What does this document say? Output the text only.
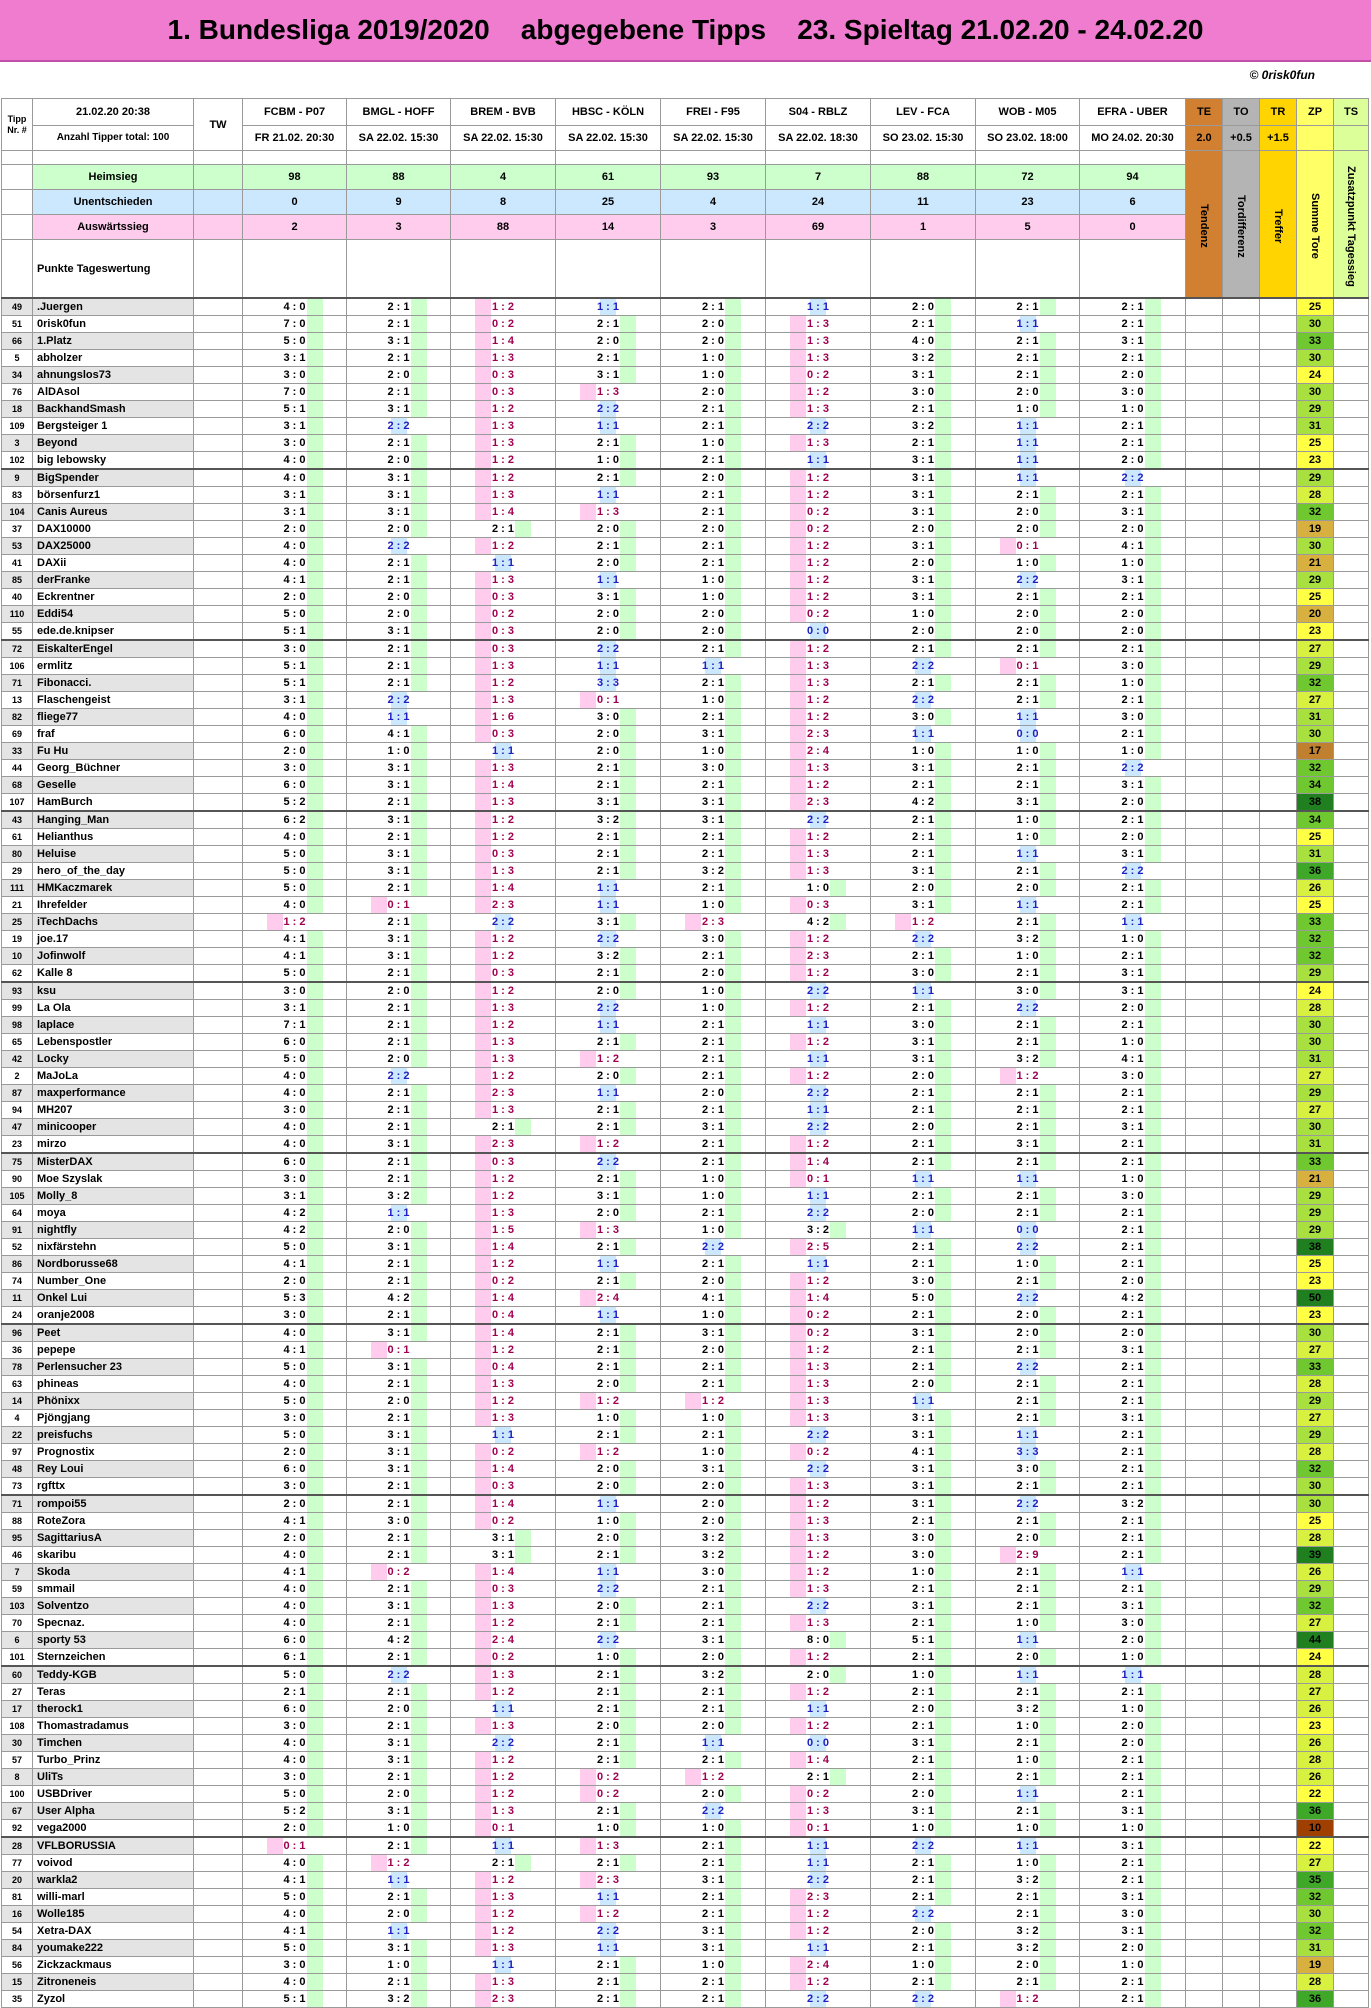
1. Bundesliga 2019/2020    abgegebene Tipps    23. Spieltag 21.02.20 - 24.02.20
© 0risk0fun
Tipp Nr. #	21.02.20 20:38	TW	FCBM - P07	BMGL - HOFF	BREM - BVB	HBSC - KÖLN	FREI - F95	S04 - RBLZ	LEV - FCA	WOB - M05	EFRA - UBER	TE	TO	TR	ZP	TS
	Anzahl Tipper total: 100		FR 21.02. 20:30	SA 22.02. 15:30	SA 22.02. 15:30	SA 22.02. 15:30	SA 22.02. 15:30	SA 22.02. 18:30	SO 23.02. 15:30	SO 23.02. 18:00	MO 24.02. 20:30	2.0	+0.5	+1.5		
												Tendenz	Tordifferenz	Treffer	Summe Tore	Zusatzpunkt Tagessieg
	Heimsieg		98	88	4	61	93	7	88	72	94					
	Unentschieden		0	9	8	25	4	24	11	23	6					
	Auswärtssieg		2	3	88	14	3	69	1	5	0					
	Punkte Tageswertung															
49	.Juergen		4 : 0	2 : 1	1 : 2	1 : 1	2 : 1	1 : 1	2 : 0	2 : 1	2 : 1				25	
51	0risk0fun		7 : 0	2 : 1	0 : 2	2 : 1	2 : 0	1 : 3	2 : 1	1 : 1	2 : 1				30	
66	1.Platz		5 : 0	3 : 1	1 : 4	2 : 0	2 : 0	1 : 3	4 : 0	2 : 1	3 : 1				33	
5	abholzer		3 : 1	2 : 1	1 : 3	2 : 1	1 : 0	1 : 3	3 : 2	2 : 1	2 : 1				30	
34	ahnungslos73		3 : 0	2 : 0	0 : 3	3 : 1	1 : 0	0 : 2	3 : 1	2 : 1	2 : 0				24	
76	AlDAsol		7 : 0	2 : 1	0 : 3	1 : 3	2 : 0	1 : 2	3 : 0	2 : 0	3 : 0				30	
18	BackhandSmash		5 : 1	3 : 1	1 : 2	2 : 2	2 : 1	1 : 3	2 : 1	1 : 0	1 : 0				29	
109	Bergsteiger 1		3 : 1	2 : 2	1 : 3	1 : 1	2 : 1	2 : 2	3 : 2	1 : 1	2 : 1				31	
3	Beyond		3 : 0	2 : 1	1 : 3	2 : 1	1 : 0	1 : 3	2 : 1	1 : 1	2 : 1				25	
102	big lebowsky		4 : 0	2 : 0	1 : 2	1 : 0	2 : 1	1 : 1	3 : 1	1 : 1	2 : 0				23	
9	BigSpender		4 : 0	3 : 1	1 : 2	2 : 1	2 : 0	1 : 2	3 : 1	1 : 1	2 : 2				29	
83	börsenfurz1		3 : 1	3 : 1	1 : 3	1 : 1	2 : 1	1 : 2	3 : 1	2 : 1	2 : 1				28	
104	Canis Aureus		3 : 1	3 : 1	1 : 4	1 : 3	2 : 1	0 : 2	3 : 1	2 : 0	3 : 1				32	
37	DAX10000		2 : 0	2 : 0	2 : 1	2 : 0	2 : 0	0 : 2	2 : 0	2 : 0	2 : 0				19	
53	DAX25000		4 : 0	2 : 2	1 : 2	2 : 1	2 : 1	1 : 2	3 : 1	0 : 1	4 : 1				30	
41	DAXii		4 : 0	2 : 1	1 : 1	2 : 0	2 : 1	1 : 2	2 : 0	1 : 0	1 : 0				21	
85	derFranke		4 : 1	2 : 1	1 : 3	1 : 1	1 : 0	1 : 2	3 : 1	2 : 2	3 : 1				29	
40	Eckrentner		2 : 0	2 : 0	0 : 3	3 : 1	1 : 0	1 : 2	3 : 1	2 : 1	2 : 1				25	
110	Eddi54		5 : 0	2 : 0	0 : 2	2 : 0	2 : 0	0 : 2	1 : 0	2 : 0	2 : 0				20	
55	ede.de.knipser		5 : 1	3 : 1	0 : 3	2 : 0	2 : 0	0 : 0	2 : 0	2 : 0	2 : 0				23	
72	EiskalterEngel		3 : 0	2 : 1	0 : 3	2 : 2	2 : 1	1 : 2	2 : 1	2 : 1	2 : 1				27	
106	ermlitz		5 : 1	2 : 1	1 : 3	1 : 1	1 : 1	1 : 3	2 : 2	0 : 1	3 : 0				29	
71	Fibonacci.		5 : 1	2 : 1	1 : 2	3 : 3	2 : 1	1 : 3	2 : 1	2 : 1	1 : 0				32	
13	Flaschengeist		3 : 1	2 : 2	1 : 3	0 : 1	1 : 0	1 : 2	2 : 2	2 : 1	2 : 1				27	
82	fliege77		4 : 0	1 : 1	1 : 6	3 : 0	2 : 1	1 : 2	3 : 0	1 : 1	3 : 0				31	
69	fraf		6 : 0	4 : 1	0 : 3	2 : 0	3 : 1	2 : 3	1 : 1	0 : 0	2 : 1				30	
33	Fu Hu		2 : 0	1 : 0	1 : 1	2 : 0	1 : 0	2 : 4	1 : 0	1 : 0	1 : 0				17	
44	Georg_Büchner		3 : 0	3 : 1	1 : 3	2 : 1	3 : 0	1 : 3	3 : 1	2 : 1	2 : 2				32	
68	Geselle		6 : 0	3 : 1	1 : 4	2 : 1	2 : 1	1 : 2	2 : 1	2 : 1	3 : 1				34	
107	HamBurch		5 : 2	2 : 1	1 : 3	3 : 1	3 : 1	2 : 3	4 : 2	3 : 1	2 : 0				38	
43	Hanging_Man		6 : 2	3 : 1	1 : 2	3 : 2	3 : 1	2 : 2	2 : 1	1 : 0	2 : 1				34	
61	Helianthus		4 : 0	2 : 1	1 : 2	2 : 1	2 : 1	1 : 2	2 : 1	1 : 0	2 : 0				25	
80	Heluise		5 : 0	3 : 1	0 : 3	2 : 1	2 : 1	1 : 3	2 : 1	1 : 1	3 : 1				31	
29	hero_of_the_day		5 : 0	3 : 1	1 : 3	2 : 1	3 : 2	1 : 3	3 : 1	2 : 1	2 : 2				36	
111	HMKaczmarek		5 : 0	2 : 1	1 : 4	1 : 1	2 : 1	1 : 0	2 : 0	2 : 0	2 : 1				26	
21	Ihrefelder		4 : 0	0 : 1	2 : 3	1 : 1	1 : 0	0 : 3	3 : 1	1 : 1	2 : 1				25	
25	iTechDachs		1 : 2	2 : 1	2 : 2	3 : 1	2 : 3	4 : 2	1 : 2	2 : 1	1 : 1				33	
19	joe.17		4 : 1	3 : 1	1 : 2	2 : 2	3 : 0	1 : 2	2 : 2	3 : 2	1 : 0				32	
10	Jofinwolf		4 : 1	3 : 1	1 : 2	3 : 2	2 : 1	2 : 3	2 : 1	1 : 0	2 : 1				32	
62	Kalle 8		5 : 0	2 : 1	0 : 3	2 : 1	2 : 0	1 : 2	3 : 0	2 : 1	3 : 1				29	
93	ksu		3 : 0	2 : 0	1 : 2	2 : 0	1 : 0	2 : 2	1 : 1	3 : 0	3 : 1				24	
99	La Ola		3 : 1	2 : 1	1 : 3	2 : 2	1 : 0	1 : 2	2 : 1	2 : 2	2 : 0				28	
98	laplace		7 : 1	2 : 1	1 : 2	1 : 1	2 : 1	1 : 1	3 : 0	2 : 1	2 : 1				30	
65	Lebenspostler		6 : 0	2 : 1	1 : 3	2 : 1	2 : 1	1 : 2	3 : 1	2 : 1	1 : 0				30	
42	Locky		5 : 0	2 : 0	1 : 3	1 : 2	2 : 1	1 : 1	3 : 1	3 : 2	4 : 1				31	
2	MaJoLa		4 : 0	2 : 2	1 : 2	2 : 0	2 : 1	1 : 2	2 : 0	1 : 2	3 : 0				27	
87	maxperformance		4 : 0	2 : 1	2 : 3	1 : 1	2 : 0	2 : 2	2 : 1	2 : 1	2 : 1				29	
94	MH207		3 : 0	2 : 1	1 : 3	2 : 1	2 : 1	1 : 1	2 : 1	2 : 1	2 : 1				27	
47	minicooper		4 : 0	2 : 1	2 : 1	2 : 1	3 : 1	2 : 2	2 : 0	2 : 1	3 : 1				30	
23	mirzo		4 : 0	3 : 1	2 : 3	1 : 2	2 : 1	1 : 2	2 : 1	3 : 1	2 : 1				31	
75	MisterDAX		6 : 0	2 : 1	0 : 3	2 : 2	2 : 1	1 : 4	2 : 1	2 : 1	2 : 1				33	
90	Moe Szyslak		3 : 0	2 : 1	1 : 2	2 : 1	1 : 0	0 : 1	1 : 1	1 : 1	1 : 0				21	
105	Molly_8		3 : 1	3 : 2	1 : 2	3 : 1	1 : 0	1 : 1	2 : 1	2 : 1	3 : 0				29	
64	moya		4 : 2	1 : 1	1 : 3	2 : 0	2 : 1	2 : 2	2 : 0	2 : 1	2 : 1				29	
91	nightfly		4 : 2	2 : 0	1 : 5	1 : 3	1 : 0	3 : 2	1 : 1	0 : 0	2 : 1				29	
52	nixfärstehn		5 : 0	3 : 1	1 : 4	2 : 1	2 : 2	2 : 5	2 : 1	2 : 2	2 : 1				38	
86	Nordborusse68		4 : 1	2 : 1	1 : 2	1 : 1	2 : 1	1 : 1	2 : 1	1 : 0	2 : 1				25	
74	Number_One		2 : 0	2 : 1	0 : 2	2 : 1	2 : 0	1 : 2	3 : 0	2 : 1	2 : 0				23	
11	Onkel Lui		5 : 3	4 : 2	1 : 4	2 : 4	4 : 1	1 : 4	5 : 0	2 : 2	4 : 2				50	
24	oranje2008		3 : 0	2 : 1	0 : 4	1 : 1	1 : 0	0 : 2	2 : 1	2 : 0	2 : 1				23	
96	Peet		4 : 0	3 : 1	1 : 4	2 : 1	3 : 1	0 : 2	3 : 1	2 : 0	2 : 0				30	
36	pepepe		4 : 1	0 : 1	1 : 2	2 : 1	2 : 0	1 : 2	2 : 1	2 : 1	3 : 1				27	
78	Perlensucher 23		5 : 0	3 : 1	0 : 4	2 : 1	2 : 1	1 : 3	2 : 1	2 : 2	2 : 1				33	
63	phineas		4 : 0	2 : 1	1 : 3	2 : 0	2 : 1	1 : 3	2 : 0	2 : 1	2 : 1				28	
14	Phönixx		5 : 0	2 : 0	1 : 2	1 : 2	1 : 2	1 : 3	1 : 1	2 : 1	2 : 1				29	
4	Pjöngjang		3 : 0	2 : 1	1 : 3	1 : 0	1 : 0	1 : 3	3 : 1	2 : 1	3 : 1				27	
22	preisfuchs		5 : 0	3 : 1	1 : 1	2 : 1	2 : 1	2 : 2	3 : 1	1 : 1	2 : 1				29	
97	Prognostix		2 : 0	3 : 1	0 : 2	1 : 2	1 : 0	0 : 2	4 : 1	3 : 3	2 : 1				28	
48	Rey Loui		6 : 0	3 : 1	1 : 4	2 : 0	3 : 1	2 : 2	3 : 1	3 : 0	2 : 1				32	
73	rgfttx		3 : 0	2 : 1	0 : 3	2 : 0	2 : 0	1 : 3	3 : 1	2 : 1	2 : 1				30	
71	rompoi55		2 : 0	2 : 1	1 : 4	1 : 1	2 : 0	1 : 2	3 : 1	2 : 2	3 : 2				30	
88	RoteZora		4 : 1	3 : 0	0 : 2	1 : 0	2 : 0	1 : 3	2 : 1	2 : 1	2 : 1				25	
95	SagittariusA		2 : 0	2 : 1	3 : 1	2 : 0	3 : 2	1 : 3	3 : 0	2 : 0	2 : 1				28	
46	skaribu		4 : 0	2 : 1	3 : 1	2 : 1	3 : 2	1 : 2	3 : 0	2 : 9	2 : 1				39	
7	Skoda		4 : 1	0 : 2	1 : 4	1 : 1	3 : 0	1 : 2	1 : 0	2 : 1	1 : 1				26	
59	smmail		4 : 0	2 : 1	0 : 3	2 : 2	2 : 1	1 : 3	2 : 1	2 : 1	2 : 1				29	
103	Solventzo		4 : 0	3 : 1	1 : 3	2 : 0	2 : 1	2 : 2	3 : 1	2 : 1	3 : 1				32	
70	Specnaz.		4 : 0	2 : 1	1 : 2	2 : 1	2 : 1	1 : 3	2 : 1	1 : 0	3 : 0				27	
6	sporty 53		6 : 0	4 : 2	2 : 4	2 : 2	3 : 1	8 : 0	5 : 1	1 : 1	2 : 0				44	
101	Sternzeichen		6 : 1	2 : 1	0 : 2	1 : 0	2 : 0	1 : 2	2 : 1	2 : 0	1 : 0				24	
60	Teddy-KGB		5 : 0	2 : 2	1 : 3	2 : 1	3 : 2	2 : 0	1 : 0	1 : 1	1 : 1				28	
27	Teras		2 : 1	2 : 1	1 : 2	2 : 1	2 : 1	1 : 2	2 : 1	2 : 1	2 : 1				27	
17	therock1		6 : 0	2 : 0	1 : 1	2 : 1	2 : 1	1 : 1	2 : 0	3 : 2	1 : 0				26	
108	Thomastradamus		3 : 0	2 : 1	1 : 3	2 : 0	2 : 0	1 : 2	2 : 1	1 : 0	2 : 0				23	
30	Timchen		4 : 0	3 : 1	2 : 2	2 : 1	1 : 1	0 : 0	3 : 1	2 : 1	2 : 0				26	
57	Turbo_Prinz		4 : 0	3 : 1	1 : 2	2 : 1	2 : 1	1 : 4	2 : 1	1 : 0	2 : 1				28	
8	UliTs		3 : 0	2 : 1	1 : 2	0 : 2	1 : 2	2 : 1	2 : 1	2 : 1	2 : 1				26	
100	USBDriver		5 : 0	2 : 0	1 : 2	0 : 2	2 : 0	0 : 2	2 : 0	1 : 1	2 : 1				22	
67	User Alpha		5 : 2	3 : 1	1 : 3	2 : 1	2 : 2	1 : 3	3 : 1	2 : 1	3 : 1				36	
92	vega2000		2 : 0	1 : 0	0 : 1	1 : 0	1 : 0	0 : 1	1 : 0	1 : 0	1 : 0				10	
28	VFLBORUSSIA		0 : 1	2 : 1	1 : 1	1 : 3	2 : 1	1 : 1	2 : 2	1 : 1	3 : 1				22	
77	voivod		4 : 0	1 : 2	2 : 1	2 : 1	2 : 1	1 : 1	2 : 1	1 : 0	2 : 1				27	
20	warkla2		4 : 1	1 : 1	1 : 2	2 : 3	3 : 1	2 : 2	2 : 1	3 : 2	2 : 1				35	
81	willi-marl		5 : 0	2 : 1	1 : 3	1 : 1	2 : 1	2 : 3	2 : 1	2 : 1	3 : 1				32	
16	Wolle185		4 : 0	2 : 0	1 : 2	1 : 2	2 : 1	1 : 2	2 : 2	2 : 1	3 : 0				30	
54	Xetra-DAX		4 : 1	1 : 1	1 : 2	2 : 2	3 : 1	1 : 2	2 : 0	3 : 2	3 : 1				32	
84	youmake222		5 : 0	3 : 1	1 : 3	1 : 1	3 : 1	1 : 1	2 : 1	3 : 2	2 : 0				31	
56	Zickzackmaus		3 : 0	1 : 0	1 : 1	2 : 1	1 : 0	2 : 4	1 : 0	2 : 0	1 : 0				19	
15	Zitroneneis		4 : 0	2 : 1	1 : 3	2 : 1	2 : 1	1 : 2	2 : 1	2 : 1	2 : 1				28	
35	Zyzol		5 : 1	3 : 2	2 : 3	2 : 1	2 : 1	2 : 2	2 : 2	1 : 2	2 : 1				36	
